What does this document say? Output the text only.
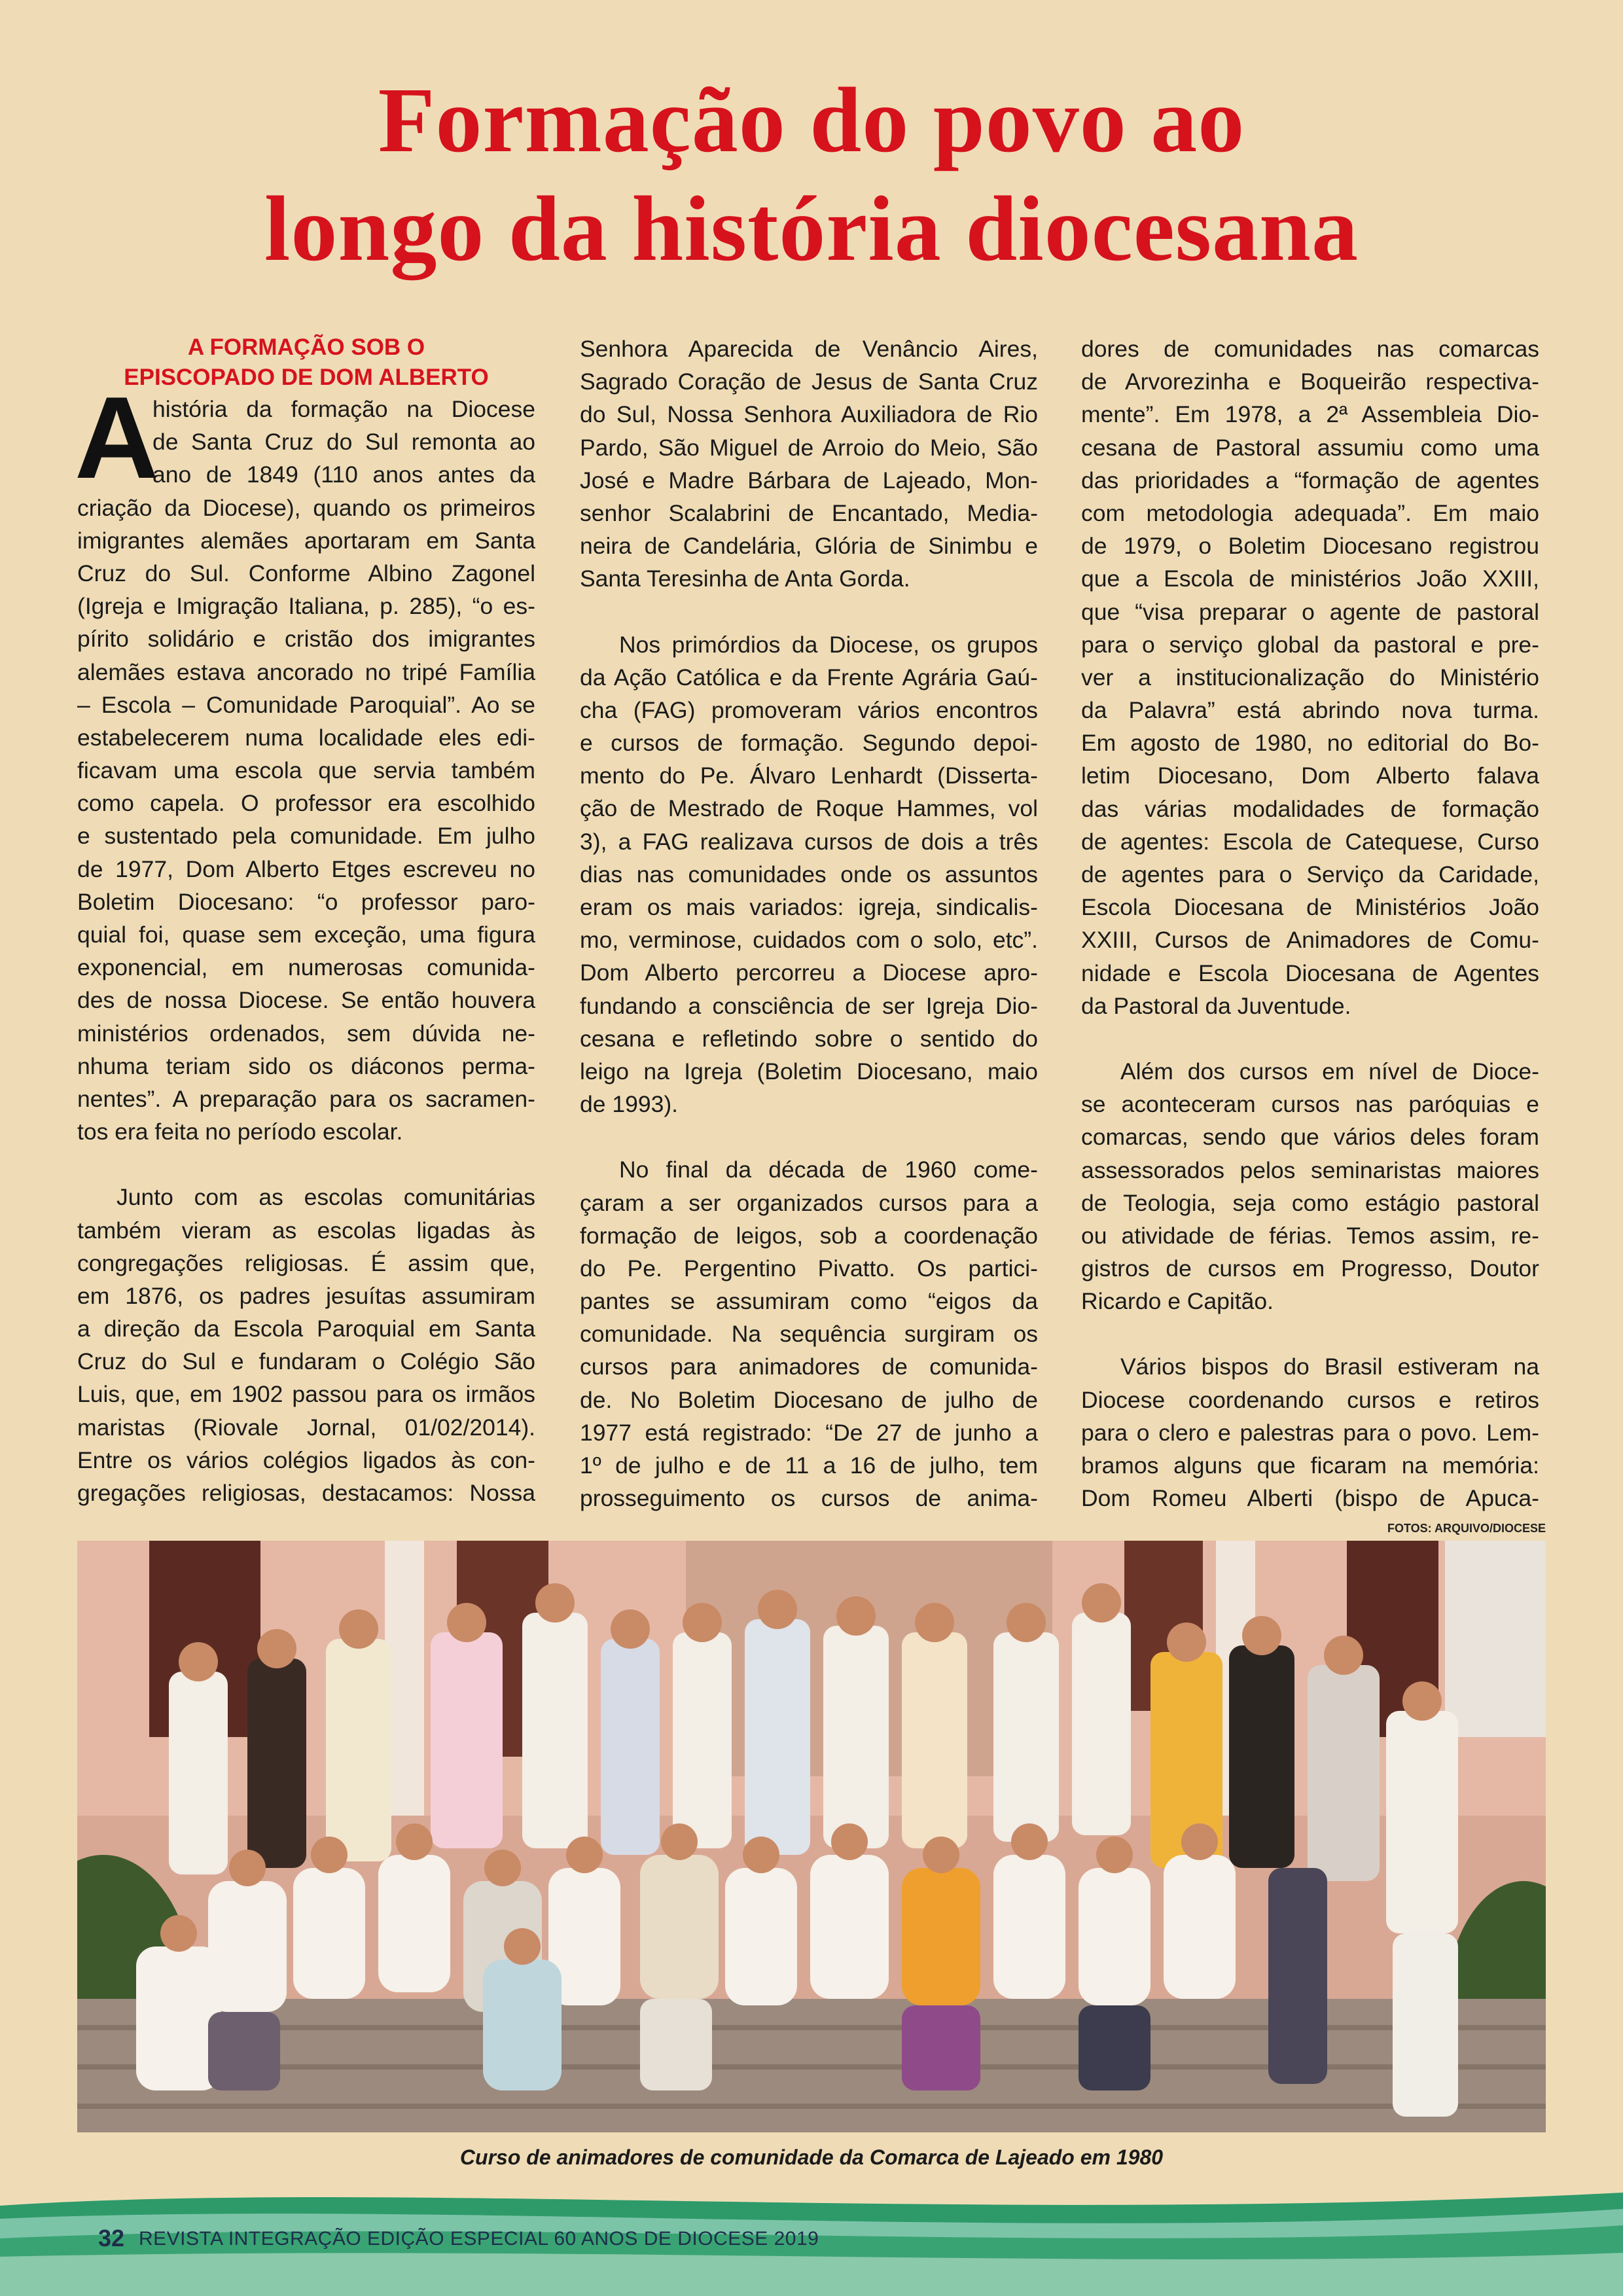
Formação do povo ao
longo da história diocesana
A FORMAÇÃO SOB O
EPISCOPADO DE DOM ALBERTO
A
história da formação na Diocese
de Santa Cruz do Sul remonta ao
ano de 1849 (110 anos antes da
criação da Diocese), quando os primeiros
imigrantes alemães aportaram em Santa
Cruz do Sul. Conforme Albino Zagonel
(Igreja e Imigração Italiana, p. 285), “o es-
pírito solidário e cristão dos imigrantes
alemães estava ancorado no tripé Família
– Escola – Comunidade Paroquial”. Ao se
estabelecerem numa localidade eles edi-
ficavam uma escola que servia também
como capela. O professor era escolhido
e sustentado pela comunidade. Em julho
de 1977, Dom Alberto Etges escreveu no
Boletim Diocesano: “o professor paro-
quial foi, quase sem exceção, uma figura
exponencial, em numerosas comunida-
des de nossa Diocese. Se então houvera
ministérios ordenados, sem dúvida ne-
nhuma teriam sido os diáconos perma-
nentes”. A preparação para os sacramen-
tos era feita no período escolar.
Junto com as escolas comunitárias
também vieram as escolas ligadas às
congregações religiosas. É assim que,
em 1876, os padres jesuítas assumiram
a direção da Escola Paroquial em Santa
Cruz do Sul e fundaram o Colégio São
Luis, que, em 1902 passou para os irmãos
maristas (Riovale Jornal, 01/02/2014).
Entre os vários colégios ligados às con-
gregações religiosas, destacamos: Nossa
Senhora Aparecida de Venâncio Aires,
Sagrado Coração de Jesus de Santa Cruz
do Sul, Nossa Senhora Auxiliadora de Rio
Pardo, São Miguel de Arroio do Meio, São
José e Madre Bárbara de Lajeado, Mon-
senhor Scalabrini de Encantado, Media-
neira de Candelária, Glória de Sinimbu e
Santa Teresinha de Anta Gorda.
Nos primórdios da Diocese, os grupos
da Ação Católica e da Frente Agrária Gaú-
cha (FAG) promoveram vários encontros
e cursos de formação. Segundo depoi-
mento do Pe. Álvaro Lenhardt (Disserta-
ção de Mestrado de Roque Hammes, vol
3), a FAG realizava cursos de dois a três
dias nas comunidades onde os assuntos
eram os mais variados: igreja, sindicalis-
mo, verminose, cuidados com o solo, etc”.
Dom Alberto percorreu a Diocese apro-
fundando a consciência de ser Igreja Dio-
cesana e refletindo sobre o sentido do
leigo na Igreja (Boletim Diocesano, maio
de 1993).
No final da década de 1960 come-
çaram a ser organizados cursos para a
formação de leigos, sob a coordenação
do Pe. Pergentino Pivatto. Os partici-
pantes se assumiram como “eigos da
comunidade. Na sequência surgiram os
cursos para animadores de comunida-
de. No Boletim Diocesano de julho de
1977 está registrado: “De 27 de junho a
1º de julho e de 11 a 16 de julho, tem
prosseguimento os cursos de anima-
dores de comunidades nas comarcas
de Arvorezinha e Boqueirão respectiva-
mente”. Em 1978, a 2ª Assembleia Dio-
cesana de Pastoral assumiu como uma
das prioridades a “formação de agentes
com metodologia adequada”. Em maio
de 1979, o Boletim Diocesano registrou
que a Escola de ministérios João XXIII,
que “visa preparar o agente de pastoral
para o serviço global da pastoral e pre-
ver a institucionalização do Ministério
da Palavra” está abrindo nova turma.
Em agosto de 1980, no editorial do Bo-
letim Diocesano, Dom Alberto falava
das várias modalidades de formação
de agentes: Escola de Catequese, Curso
de agentes para o Serviço da Caridade,
Escola Diocesana de Ministérios João
XXIII, Cursos de Animadores de Comu-
nidade e Escola Diocesana de Agentes
da Pastoral da Juventude.
Além dos cursos em nível de Dioce-
se aconteceram cursos nas paróquias e
comarcas, sendo que vários deles foram
assessorados pelos seminaristas maiores
de Teologia, seja como estágio pastoral
ou atividade de férias. Temos assim, re-
gistros de cursos em Progresso, Doutor
Ricardo e Capitão.
Vários bispos do Brasil estiveram na
Diocese coordenando cursos e retiros
para o clero e palestras para o povo. Lem-
bramos alguns que ficaram na memória:
Dom Romeu Alberti (bispo de Apuca-
FOTOS: ARQUIVO/DIOCESE
Curso de animadores de comunidade da Comarca de Lajeado em 1980
32 REVISTA INTEGRAÇÃO EDIÇÃO ESPECIAL 60 ANOS DE DIOCESE 2019
